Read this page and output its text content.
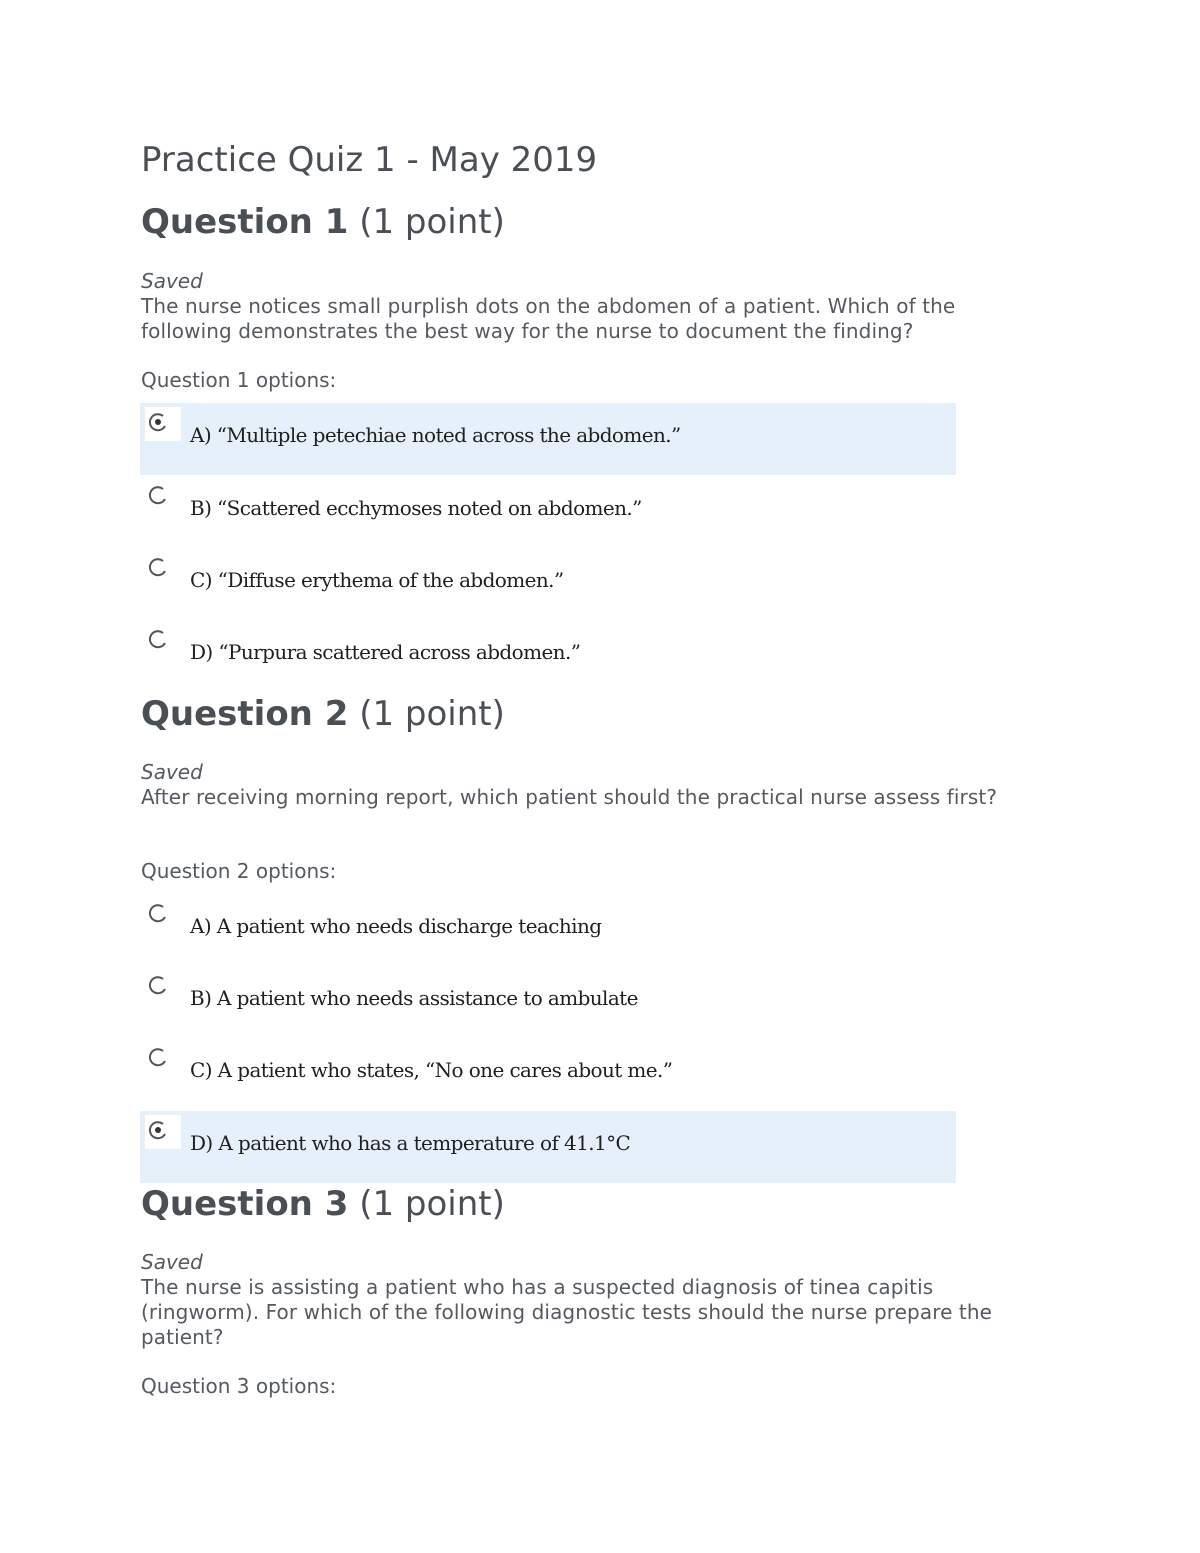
Practice Quiz 1 - May 2019
Question 1 (1 point)
Saved
The nurse notices small purplish dots on the abdomen of a patient. Which of the following demonstrates the best way for the nurse to document the finding?
Question 1 options:
A) “Multiple petechiae noted across the abdomen.”
B) “Scattered ecchymoses noted on abdomen.”
C) “Diffuse erythema of the abdomen.”
D) “Purpura scattered across abdomen.”
Question 2 (1 point)
Saved
After receiving morning report, which patient should the practical nurse assess first?
Question 2 options:
A) A patient who needs discharge teaching
B) A patient who needs assistance to ambulate
C) A patient who states, “No one cares about me.”
D) A patient who has a temperature of 41.1°C
Question 3 (1 point)
Saved
The nurse is assisting a patient who has a suspected diagnosis of tinea capitis (ringworm). For which of the following diagnostic tests should the nurse prepare the patient?
Question 3 options:
